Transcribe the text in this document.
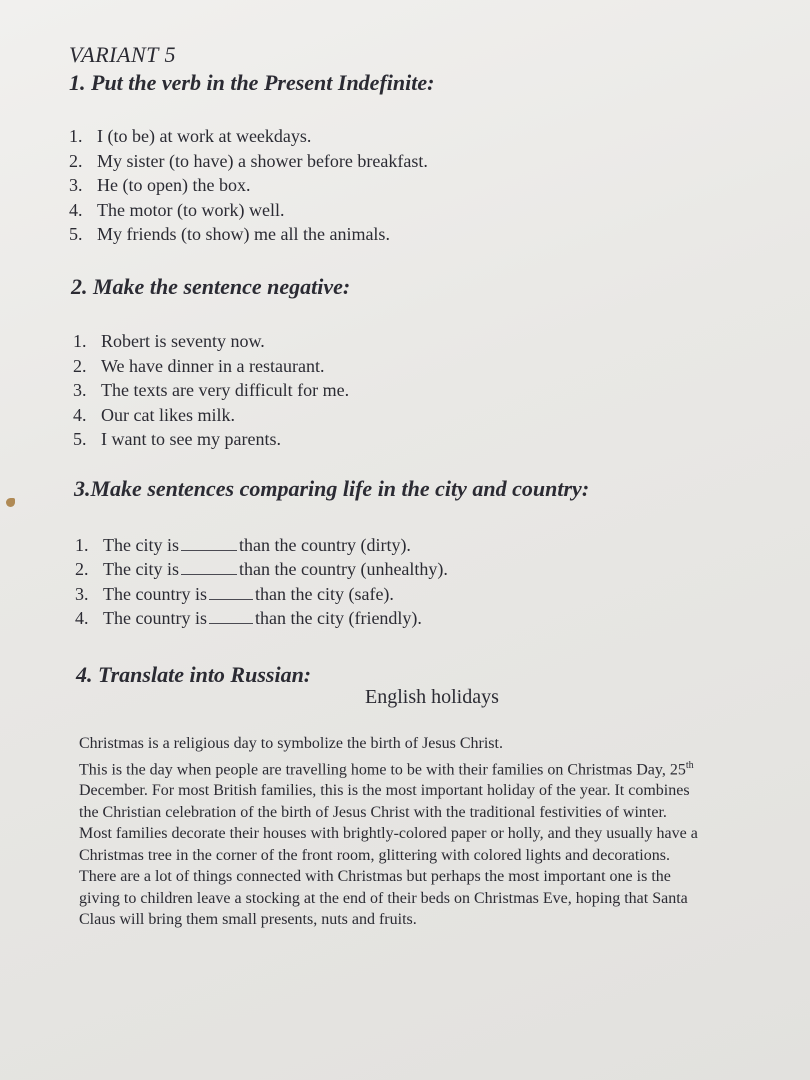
VARIANT 5
1. Put the verb in the Present Indefinite:
1. I (to be) at work at weekdays.
2. My sister (to have) a shower before breakfast.
3. He (to open) the box.
4. The motor (to work) well.
5. My friends (to show) me all the animals.
2. Make the sentence negative:
1. Robert is seventy now.
2. We have dinner in a restaurant.
3. The texts are very difficult for me.
4. Our cat likes milk.
5. I want to see my parents.
3.Make sentences comparing life in the city and country:
1. The city is	than the country (dirty).
2. The city is	than the country (unhealthy).
3. The country is	than the city (safe).
4. The country is	than the city (friendly).
4. Translate into Russian:
English holidays
Christmas is a religious day to symbolize the birth of Jesus Christ.
This is the day when people are travelling home to be with their families on Christmas Day, 25th
December. For most British families, this is the most important holiday of the year. It combines
the Christian celebration of the birth of Jesus Christ with the traditional festivities of winter.
Most families decorate their houses with brightly-colored paper or holly, and they usually have a
Christmas tree in the corner of the front room, glittering with colored lights and decorations.
There are a lot of things connected with Christmas but perhaps the most important one is the
giving to children leave a stocking at the end of their beds on Christmas Eve, hoping that Santa
Claus will bring them small presents, nuts and fruits.
